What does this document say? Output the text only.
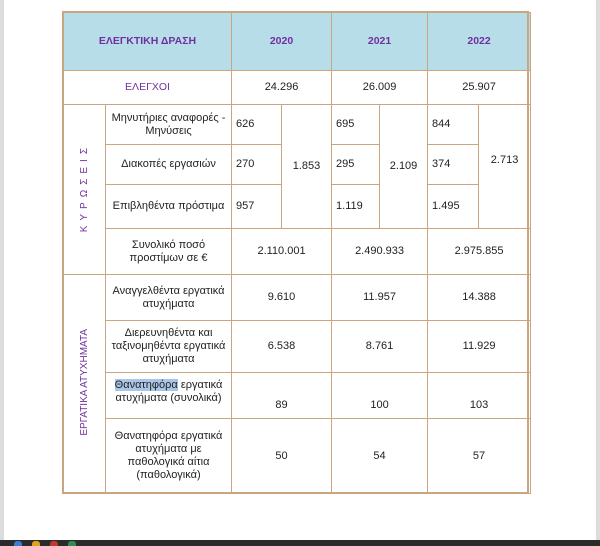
ΕΛΕΓΚΤΙΚΗ ΔΡΑΣΗ		2020		2021		2022	
ΕΛΕΓΧΟΙ		24.296		26.009		25.907	
ΚΥΡΩΣΕΙΣ	Μηνυτήριες αναφορές - Μηνύσεις	626	1.853	695	2.109	844	2.713
	Διακοπές εργασιών	270		295		374	
	Επιβληθέντα πρόστιμα	957		1.119		1.495	
	Συνολικό ποσό προστίμων σε €	2.110.001		2.490.933		2.975.855	
ΕΡΓΑΤΙΚΑ ΑΤΥΧΗΜΑΤΑ	Αναγγελθέντα εργατικά ατυχήματα	9.610		11.957		14.388	
	Διερευνηθέντα και ταξινομηθέντα εργατικά ατυχήματα	6.538		8.761		11.929	
	Θανατηφόρα εργατικά ατυχήματα (συνολικά)	89		100		103	
	Θανατηφόρα εργατικά ατυχήματα με παθολογικά αίτια (παθολογικά)	50		54		57	
